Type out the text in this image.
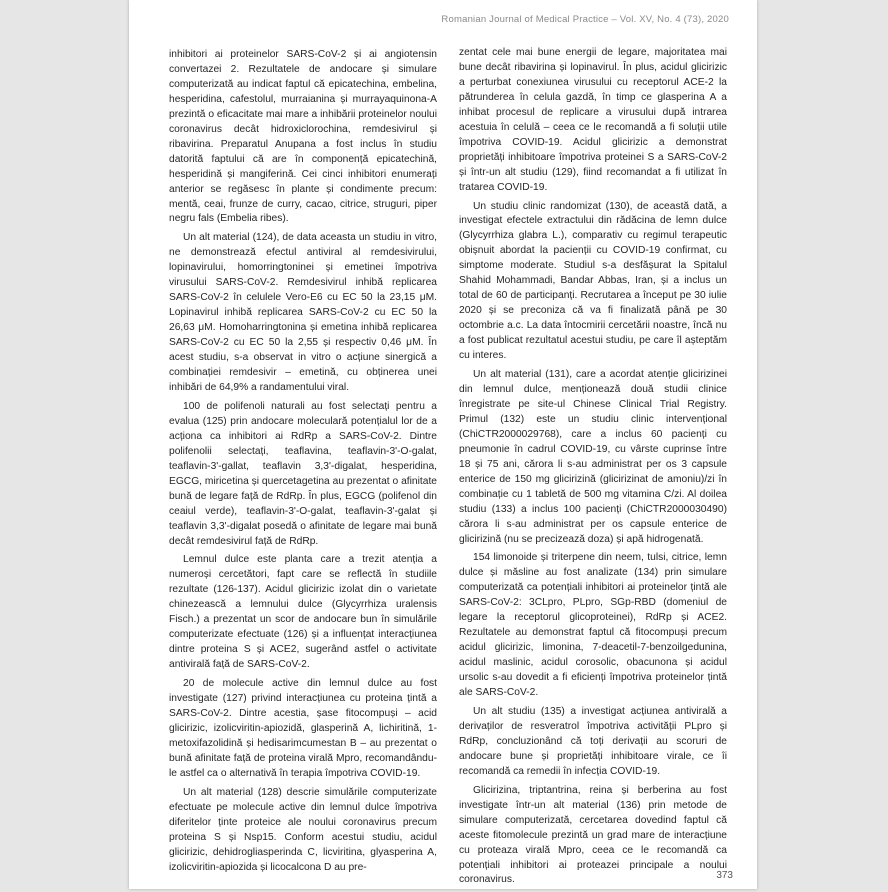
Romanian Journal of Medical Practice – Vol. XV, No. 4 (73), 2020

inhibitori ai proteinelor SARS-CoV-2 și ai angiotensin convertazei 2. Rezultatele de andocare și simulare computerizată au indicat faptul că epicatechina, embelina, hesperidina, cafestolul, murraianina și murrayaquinona-A prezintă o eficacitate mai mare a inhibării proteinelor noului coronavirus decât hidroxiclorochina, remdesivirul și ribavirina. Preparatul Anupana a fost inclus în studiu datorită faptului că are în componență epicatechină, hesperidină și mangiferină. Cei cinci inhibitori enumerați anterior se regăsesc în plante și condimente precum: mentă, ceai, frunze de curry, cacao, citrice, struguri, piper negru fals (Embelia ribes).

Un alt material (124), de data aceasta un studiu in vitro, ne demonstrează efectul antiviral al remdesivirului, lopinavirului, homorringtoninei și emetinei împotriva virusului SARS-CoV-2. Remdesivirul inhibă replicarea SARS-CoV-2 în celulele Vero-E6 cu EC 50 la 23,15 μM. Lopinavirul inhibă replicarea SARS-CoV-2 cu EC 50 la 26,63 μM. Homoharringtonina și emetina inhibă replicarea SARS-CoV-2 cu EC 50 la 2,55 și respectiv 0,46 μM. În acest studiu, s-a observat in vitro o acțiune sinergică a combinației remdesivir – emetină, cu obținerea unei inhibări de 64,9% a randamentului viral.

100 de polifenoli naturali au fost selectați pentru a evalua (125) prin andocare moleculară potențialul lor de a acționa ca inhibitori ai RdRp a SARS-CoV-2. Dintre polifenolii selectați, teaflavina, teaflavin-3'-O-galat, teaflavin-3'-gallat, teaflavin 3,3'-digalat, hesperidina, EGCG, miricetina și quercetagetina au prezentat o afinitate bună de legare față de RdRp. În plus, EGCG (polifenol din ceaiul verde), teaflavin-3'-O-galat, teaflavin-3'-galat și teaflavin 3,3'-digalat posedă o afinitate de legare mai bună decât remdesivirul față de RdRp.

Lemnul dulce este planta care a trezit atenția a numeroși cercetători, fapt care se reflectă în studiile rezultate (126-137). Acidul glicirizic izolat din o varietate chinezească a lemnului dulce (Glycyrrhiza uralensis Fisch.) a prezentat un scor de andocare bun în simulările computerizate efectuate (126) și a influențat interacțiunea dintre proteina S și ACE2, sugerând astfel o activitate antivirală față de SARS-CoV-2.

20 de molecule active din lemnul dulce au fost investigate (127) privind interacțiunea cu proteina țintă a SARS-CoV-2. Dintre acestia, șase fitocompuși – acid glicirizic, izolicviritin-apiozidă, glasperină A, lichiritină, 1-metoxifazolidină și hedisarimcumestan B – au prezentat o bună afinitate față de proteina virală Mpro, recomandându-le astfel ca o alternativă în terapia împotriva COVID-19.

Un alt material (128) descrie simulările computerizate efectuate pe molecule active din lemnul dulce împotriva diferitelor ținte proteice ale noului coronavirus precum proteina S și Nsp15. Conform acestui studiu, acidul glicirizic, dehidrogliasperinda C, licviritina, glyasperina A, izolicviritin-apiozida și licocalcona D au pre-

zentat cele mai bune energii de legare, majoritatea mai bune decât ribavirina și lopinavirul. În plus, acidul glicirizic a perturbat conexiunea virusului cu receptorul ACE-2 la pătrunderea în celula gazdă, în timp ce glasperina A a inhibat procesul de replicare a virusului după intrarea acestuia în celulă – ceea ce le recomandă a fi soluții utile împotriva COVID-19. Acidul glicirizic a demonstrat proprietăți inhibitoare împotriva proteinei S a SARS-CoV-2 și într-un alt studiu (129), fiind recomandat a fi utilizat în tratarea COVID-19.

Un studiu clinic randomizat (130), de această dată, a investigat efectele extractului din rădăcina de lemn dulce (Glycyrrhiza glabra L.), comparativ cu regimul terapeutic obișnuit abordat la pacienții cu COVID-19 confirmat, cu simptome moderate. Studiul s-a desfășurat la Spitalul Shahid Mohammadi, Bandar Abbas, Iran, și a inclus un total de 60 de participanți. Recrutarea a început pe 30 iulie 2020 și se preconiza că va fi finalizată până pe 30 octombrie a.c. La data întocmirii cercetării noastre, încă nu a fost publicat rezultatul acestui studiu, pe care îl așteptăm cu interes.

Un alt material (131), care a acordat atenție glicirizinei din lemnul dulce, menționează două studii clinice înregistrate pe site-ul Chinese Clinical Trial Registry. Primul (132) este un studiu clinic intervențional (ChiCTR2000029768), care a inclus 60 pacienți cu pneumonie în cadrul COVID-19, cu vârste cuprinse între 18 și 75 ani, cărora li s-au administrat per os 3 capsule enterice de 150 mg glicirizină (glicirizinat de amoniu)/zi în combinație cu 1 tabletă de 500 mg vitamina C/zi. Al doilea studiu (133) a inclus 100 pacienți (ChiCTR2000030490) cărora li s-au administrat per os capsule enterice de glicirizină (nu se precizează doza) și apă hidrogenată.

154 limonoide și triterpene din neem, tulsi, citrice, lemn dulce și măsline au fost analizate (134) prin simulare computerizată ca potențiali inhibitori ai proteinelor țintă ale SARS-CoV-2: 3CLpro, PLpro, SGp-RBD (domeniul de legare la receptorul glicoproteinei), RdRp și ACE2. Rezultatele au demonstrat faptul că fitocompuși precum acidul glicirizic, limonina, 7-deacetil-7-benzoilgedunina, acidul maslinic, acidul corosolic, obacunona și acidul ursolic s-au dovedit a fi eficienți împotriva proteinelor țintă ale SARS-CoV-2.

Un alt studiu (135) a investigat acțiunea antivirală a derivaților de resveratrol împotriva activității PLpro și RdRp, concluzionând că toți derivații au scoruri de andocare bune și proprietăți inhibitoare virale, ce îi recomandă ca remedii în infecția COVID-19.

Glicirizina, triptantrina, reina și berberina au fost investigate într-un alt material (136) prin metode de simulare computerizată, cercetarea dovedind faptul că aceste fitomolecule prezintă un grad mare de interacțiune cu proteaza virală Mpro, ceea ce le recomandă ca potențiali inhibitori ai proteazei principale a noului coronavirus.	373
